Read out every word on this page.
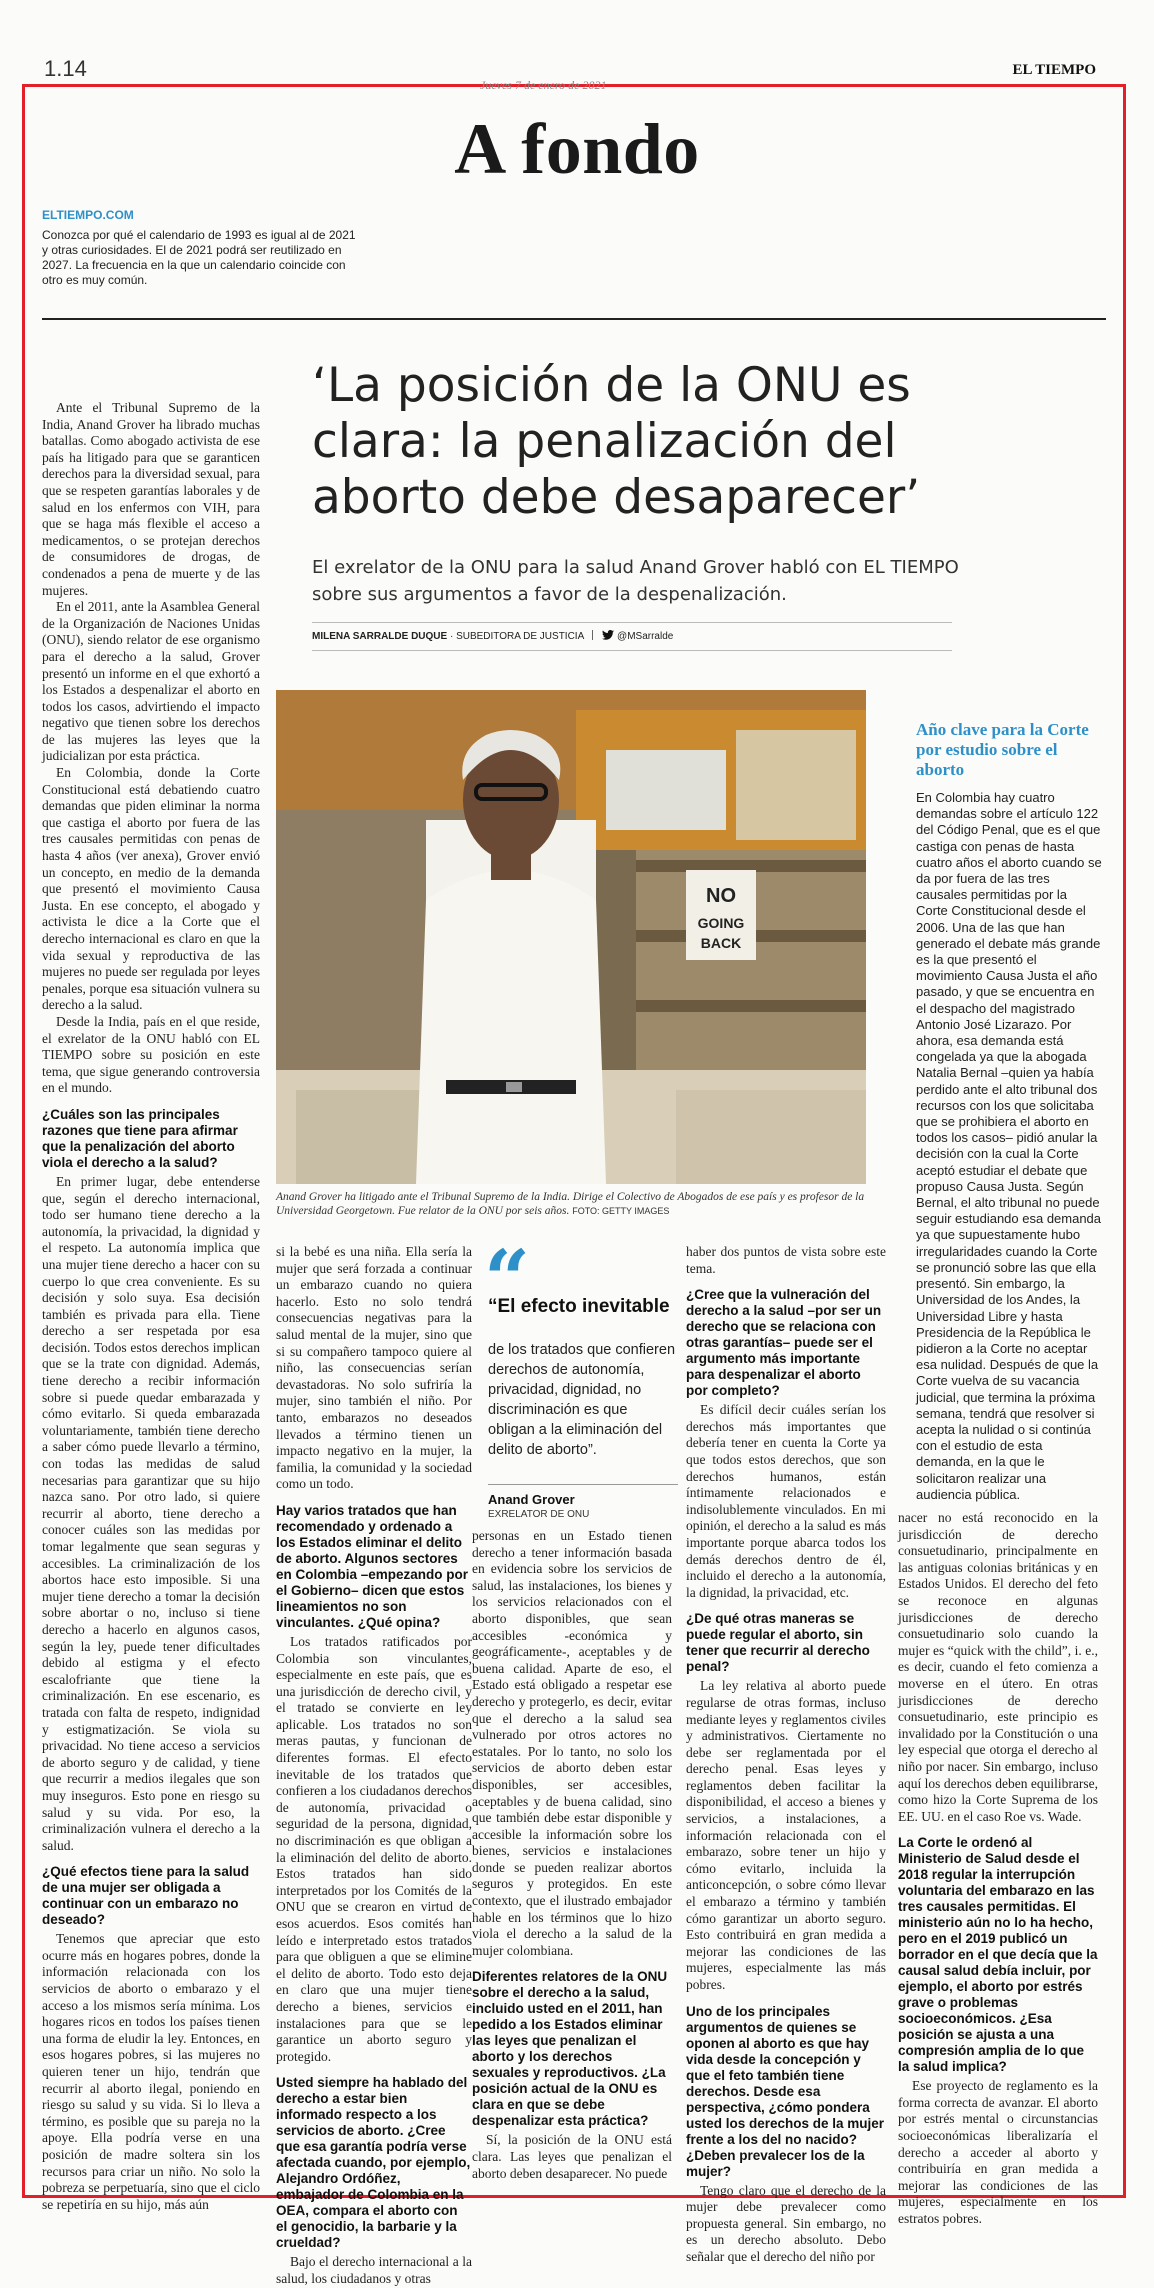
1.14	EL TIEMPO
Jueves 7 de enero de 2021
A fondo
ELTIEMPO.COM
Conozca por qué el calendario de 1993 es igual al de 2021 y otras curiosidades. El de 2021 podrá ser reutilizado en 2027. La frecuencia en la que un calendario coincide con otro es muy común.
‘La posición de la ONU es clara: la penalización del aborto debe desaparecer’
El exrelator de la ONU para la salud Anand Grover habló con EL TIEMPO sobre sus argumentos a favor de la despenalización.
MILENA SARRALDE DUQUE · SUBEDITORA DE JUSTICIA	@MSarralde
NO
GOING
BACK
Anand Grover ha litigado ante el Tribunal Supremo de la India. Dirige el Colectivo de Abogados de ese país y es profesor de la Universidad Georgetown. Fue relator de la ONU por seis años. FOTO: GETTY IMAGES

Ante el Tribunal Supremo de la India, Anand Grover ha librado muchas batallas. Como abogado activista de ese país ha litigado para que se garanticen derechos para la diversidad sexual, para que se respeten garantías laborales y de salud en los enfermos con VIH, para que se haga más flexible el acceso a medicamentos, o se protejan derechos de consumidores de drogas, de condenados a pena de muerte y de las mujeres.

En el 2011, ante la Asamblea General de la Organización de Naciones Unidas (ONU), siendo relator de ese organismo para el derecho a la salud, Grover presentó un informe en el que exhortó a los Estados a despenalizar el aborto en todos los casos, advirtiendo el impacto negativo que tienen sobre los derechos de las mujeres las leyes que la judicializan por esta práctica.

En Colombia, donde la Corte Constitucional está debatiendo cuatro demandas que piden eliminar la norma que castiga el aborto por fuera de las tres causales permitidas con penas de hasta 4 años (ver anexa), Grover envió un concepto, en medio de la demanda que presentó el movimiento Causa Justa. En ese concepto, el abogado y activista le dice a la Corte que el derecho internacional es claro en que la vida sexual y reproductiva de las mujeres no puede ser regulada por leyes penales, porque esa situación vulnera su derecho a la salud.

Desde la India, país en el que reside, el exrelator de la ONU habló con EL TIEMPO sobre su posición en este tema, que sigue generando controversia en el mundo.

¿Cuáles son las principales razones que tiene para afirmar que la penalización del aborto viola el derecho a la salud?

En primer lugar, debe entenderse que, según el derecho internacional, todo ser humano tiene derecho a la autonomía, la privacidad, la dignidad y el respeto. La autonomía implica que una mujer tiene derecho a hacer con su cuerpo lo que crea conveniente. Es su decisión y solo suya. Esa decisión también es privada para ella. Tiene derecho a ser respetada por esa decisión. Todos estos derechos implican que se la trate con dignidad. Además, tiene derecho a recibir información sobre si puede quedar embarazada y cómo evitarlo. Si queda embarazada voluntariamente, también tiene derecho a saber cómo puede llevarlo a término, con todas las medidas de salud necesarias para garantizar que su hijo nazca sano. Por otro lado, si quiere recurrir al aborto, tiene derecho a conocer cuáles son las medidas por tomar legalmente que sean seguras y accesibles. La criminalización de los abortos hace esto imposible. Si una mujer tiene derecho a tomar la decisión sobre abortar o no, incluso si tiene derecho a hacerlo en algunos casos, según la ley, puede tener dificultades debido al estigma y el efecto escalofriante que tiene la criminalización. En ese escenario, es tratada con falta de respeto, indignidad y estigmatización. Se viola su privacidad. No tiene acceso a servicios de aborto seguro y de calidad, y tiene que recurrir a medios ilegales que son muy inseguros. Esto pone en riesgo su salud y su vida. Por eso, la criminalización vulnera el derecho a la salud.

¿Qué efectos tiene para la salud de una mujer ser obligada a continuar con un embarazo no deseado?

Tenemos que apreciar que esto ocurre más en hogares pobres, donde la información relacionada con los servicios de aborto o embarazo y el acceso a los mismos sería mínima. Los hogares ricos en todos los países tienen una forma de eludir la ley. Entonces, en esos hogares pobres, si las mujeres no quieren tener un hijo, tendrán que recurrir al aborto ilegal, poniendo en riesgo su salud y su vida. Si lo lleva a término, es posible que su pareja no la apoye. Ella podría verse en una posición de madre soltera sin los recursos para criar un niño. No solo la pobreza se perpetuaría, sino que el ciclo se repetiría en su hijo, más aún

si la bebé es una niña. Ella sería la mujer que será forzada a continuar un embarazo cuando no quiera hacerlo. Esto no solo tendrá consecuencias negativas para la salud mental de la mujer, sino que si su compañero tampoco quiere al niño, las consecuencias serían devastadoras. No solo sufriría la mujer, sino también el niño. Por tanto, embarazos no deseados llevados a término tienen un impacto negativo en la mujer, la familia, la comunidad y la sociedad como un todo.

Hay varios tratados que han recomendado y ordenado a los Estados eliminar el delito de aborto. Algunos sectores en Colombia –empezando por el Gobierno– dicen que estos lineamientos no son vinculantes. ¿Qué opina?

Los tratados ratificados por Colombia son vinculantes, especialmente en este país, que es una jurisdicción de derecho civil, y el tratado se convierte en ley aplicable. Los tratados no son meras pautas, y funcionan de diferentes formas. El efecto inevitable de los tratados que confieren a los ciudadanos derechos de autonomía, privacidad o seguridad de la persona, dignidad, no discriminación es que obligan a la eliminación del delito de aborto. Estos tratados han sido interpretados por los Comités de la ONU que se crearon en virtud de esos acuerdos. Esos comités han leído e interpretado estos tratados para que obliguen a que se elimine el delito de aborto. Todo esto deja en claro que una mujer tiene derecho a bienes, servicios e instalaciones para que se le garantice un aborto seguro y protegido.

Usted siempre ha hablado del derecho a estar bien informado respecto a los servicios de aborto. ¿Cree que esa garantía podría verse afectada cuando, por ejemplo, Alejandro Ordóñez, embajador de Colombia en la OEA, compara el aborto con el genocidio, la barbarie y la crueldad?

Bajo el derecho internacional a la salud, los ciudadanos y otras

“
“El efecto inevitable
de los tratados que confieren derechos de autonomía, privacidad, dignidad, no discriminación es que obligan a la eliminación del delito de aborto”.
Anand Grover
EXRELATOR DE ONU

personas en un Estado tienen derecho a tener información basada en evidencia sobre los servicios de salud, las instalaciones, los bienes y los servicios relacionados con el aborto disponibles, que sean accesibles -económica y geográficamente-, aceptables y de buena calidad. Aparte de eso, el Estado está obligado a respetar ese derecho y protegerlo, es decir, evitar que el derecho a la salud sea vulnerado por otros actores no estatales. Por lo tanto, no solo los servicios de aborto deben estar disponibles, ser accesibles, aceptables y de buena calidad, sino que también debe estar disponible y accesible la información sobre los bienes, servicios e instalaciones donde se pueden realizar abortos seguros y protegidos. En este contexto, que el ilustrado embajador hable en los términos que lo hizo viola el derecho a la salud de la mujer colombiana.

Diferentes relatores de la ONU sobre el derecho a la salud, incluido usted en el 2011, han pedido a los Estados eliminar las leyes que penalizan el aborto y los derechos sexuales y reproductivos. ¿La posición actual de la ONU es clara en que se debe despenalizar esta práctica?

Sí, la posición de la ONU está clara. Las leyes que penalizan el aborto deben desaparecer. No puede

haber dos puntos de vista sobre este tema.

¿Cree que la vulneración del derecho a la salud –por ser un derecho que se relaciona con otras garantías– puede ser el argumento más importante para despenalizar el aborto por completo?

Es difícil decir cuáles serían los derechos más importantes que debería tener en cuenta la Corte ya que todos estos derechos, que son derechos humanos, están íntimamente relacionados e indisolublemente vinculados. En mi opinión, el derecho a la salud es más importante porque abarca todos los demás derechos dentro de él, incluido el derecho a la autonomía, la dignidad, la privacidad, etc.

¿De qué otras maneras se puede regular el aborto, sin tener que recurrir al derecho penal?

La ley relativa al aborto puede regularse de otras formas, incluso mediante leyes y reglamentos civiles y administrativos. Ciertamente no debe ser reglamentada por el derecho penal. Esas leyes y reglamentos deben facilitar la disponibilidad, el acceso a bienes y servicios, a instalaciones, a información relacionada con el embarazo, sobre tener un hijo y cómo evitarlo, incluida la anticoncepción, o sobre cómo llevar el embarazo a término y también cómo garantizar un aborto seguro. Esto contribuirá en gran medida a mejorar las condiciones de las mujeres, especialmente las más pobres.

Uno de los principales argumentos de quienes se oponen al aborto es que hay vida desde la concepción y que el feto también tiene derechos. Desde esa perspectiva, ¿cómo pondera usted los derechos de la mujer frente a los del no nacido? ¿Deben prevalecer los de la mujer?

Tengo claro que el derecho de la mujer debe prevalecer como propuesta general. Sin embargo, no es un derecho absoluto. Debo señalar que el derecho del niño por

nacer no está reconocido en la jurisdicción de derecho consuetudinario, principalmente en las antiguas colonias británicas y en Estados Unidos. El derecho del feto se reconoce en algunas jurisdicciones de derecho consuetudinario solo cuando la mujer es “quick with the child”, i. e., es decir, cuando el feto comienza a moverse en el útero. En otras jurisdicciones de derecho consuetudinario, este principio es invalidado por la Constitución o una ley especial que otorga el derecho al niño por nacer. Sin embargo, incluso aquí los derechos deben equilibrarse, como hizo la Corte Suprema de los EE. UU. en el caso Roe vs. Wade.

La Corte le ordenó al Ministerio de Salud desde el 2018 regular la interrupción voluntaria del embarazo en las tres causales permitidas. El ministerio aún no lo ha hecho, pero en el 2019 publicó un borrador en el que decía que la causal salud debía incluir, por ejemplo, el aborto por estrés grave o problemas socioeconómicos. ¿Esa posición se ajusta a una compresión amplia de lo que la salud implica?

Ese proyecto de reglamento es la forma correcta de avanzar. El aborto por estrés mental o circunstancias socioeconómicas liberalizaría el derecho a acceder al aborto y contribuiría en gran medida a mejorar las condiciones de las mujeres, especialmente en los estratos pobres.

Año clave para la Corte por estudio sobre el aborto
En Colombia hay cuatro demandas sobre el artículo 122 del Código Penal, que es el que castiga con penas de hasta cuatro años el aborto cuando se da por fuera de las tres causales permitidas por la Corte Constitucional desde el 2006. Una de las que han generado el debate más grande es la que presentó el movimiento Causa Justa el año pasado, y que se encuentra en el despacho del magistrado Antonio José Lizarazo. Por ahora, esa demanda está congelada ya que la abogada Natalia Bernal –quien ya había perdido ante el alto tribunal dos recursos con los que solicitaba que se prohibiera el aborto en todos los casos– pidió anular la decisión con la cual la Corte aceptó estudiar el debate que propuso Causa Justa. Según Bernal, el alto tribunal no puede seguir estudiando esa demanda ya que supuestamente hubo irregularidades cuando la Corte se pronunció sobre las que ella presentó. Sin embargo, la Universidad de los Andes, la Universidad Libre y hasta Presidencia de la República le pidieron a la Corte no aceptar esa nulidad. Después de que la Corte vuelva de su vacancia judicial, que termina la próxima semana, tendrá que resolver si acepta la nulidad o si continúa con el estudio de esta demanda, en la que le solicitaron realizar una audiencia pública.
